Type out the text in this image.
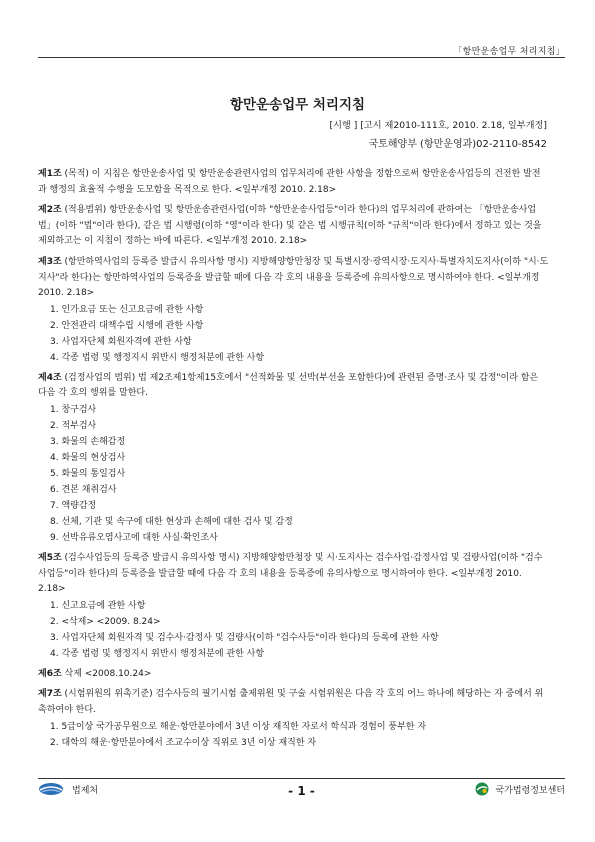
「항만운송업무 처리지침」
항만운송업무 처리지침
[시행 ] [고시 제2010-111호, 2010. 2.18, 일부개정]
국토해양부 (항만운영과)02-2110-8542

제1조 (목적) 이 지침은 항만운송사업 및 항만운송관련사업의 업무처리에 관한 사항을 정함으로써 항만운송사업등의 건전한 발전과 행정의 효율적 수행을 도모함을 목적으로 한다. <일부개정 2010. 2.18>

제2조 (적용범위) 항만운송사업 및 항만운송관련사업(이하 "항만운송사업등"이라 한다)의 업무처리에 관하여는 「항만운송사업법」(이하 "법"이라 한다), 같은 법 시행령(이하 "영"이라 한다) 및 같은 법 시행규칙(이하 "규칙"이라 한다)에서 정하고 있는 것을 제외하고는 이 지침이 정하는 바에 따른다. <일부개정 2010. 2.18>

제3조 (항만하역사업의 등록증 발급시 유의사항 명시) 지방해양항만청장 및 특별시장·광역시장·도지사·특별자치도지사(이하 "시·도지사"라 한다)는 항만하역사업의 등록증을 발급할 때에 다음 각 호의 내용을 등록증에 유의사항으로 명시하여야 한다. <일부개정 2010. 2.18>

1. 인가요금 또는 신고요금에 관한 사항
2. 안전관리 대책수립 시행에 관한 사항
3. 사업자단체 회원자격에 관한 사항
4. 각종 법령 및 행정지시 위반시 행정처분에 관한 사항

제4조 (검정사업의 범위) 법 제2조제1항제15호에서 "선적화물 및 선박(부선을 포함한다)에 관련된 증명·조사 및 감정"이라 함은 다음 각 호의 행위를 말한다.

1. 창구검사
2. 적부검사
3. 화물의 손해감정
4. 화물의 현상검사
5. 화물의 통일검사
6. 견본 채취검사
7. 액량감정
8. 선체, 기관 및 속구에 대한 현상과 손해에 대한 검사 및 감정
9. 선박유류오염사고에 대한 사실·확인조사

제5조 (검수사업등의 등록증 발급시 유의사항 명시) 지방해양항만청장 및 시·도지사는 검수사업·감정사업 및 검량사업(이하 "검수사업등"이라 한다)의 등록증을 발급할 때에 다음 각 호의 내용을 등록증에 유의사항으로 명시하여야 한다. <일부개정 2010. 2.18>

1. 신고요금에 관한 사항
2. <삭제> <2009. 8.24>
3. 사업자단체 회원자격 및 검수사·감정사 및 검량사(이하 "검수사등"이라 한다)의 등록에 관한 사항
4. 각종 법령 및 행정지시 위반시 행정처분에 관한 사항

제6조 삭제 <2008.10.24>

제7조 (시험위원의 위촉기준) 검수사등의 필기시험 출제위원 및 구술 시험위원은 다음 각 호의 어느 하나에 해당하는 자 중에서 위촉하여야 한다.

1. 5급이상 국가공무원으로 해운·항만분야에서 3년 이상 재직한 자로서 학식과 경험이 풍부한 자
2. 대학의 해운·항만분야에서 조교수이상 직위로 3년 이상 재직한 자
법제처	- 1 -	국가법령정보센터
